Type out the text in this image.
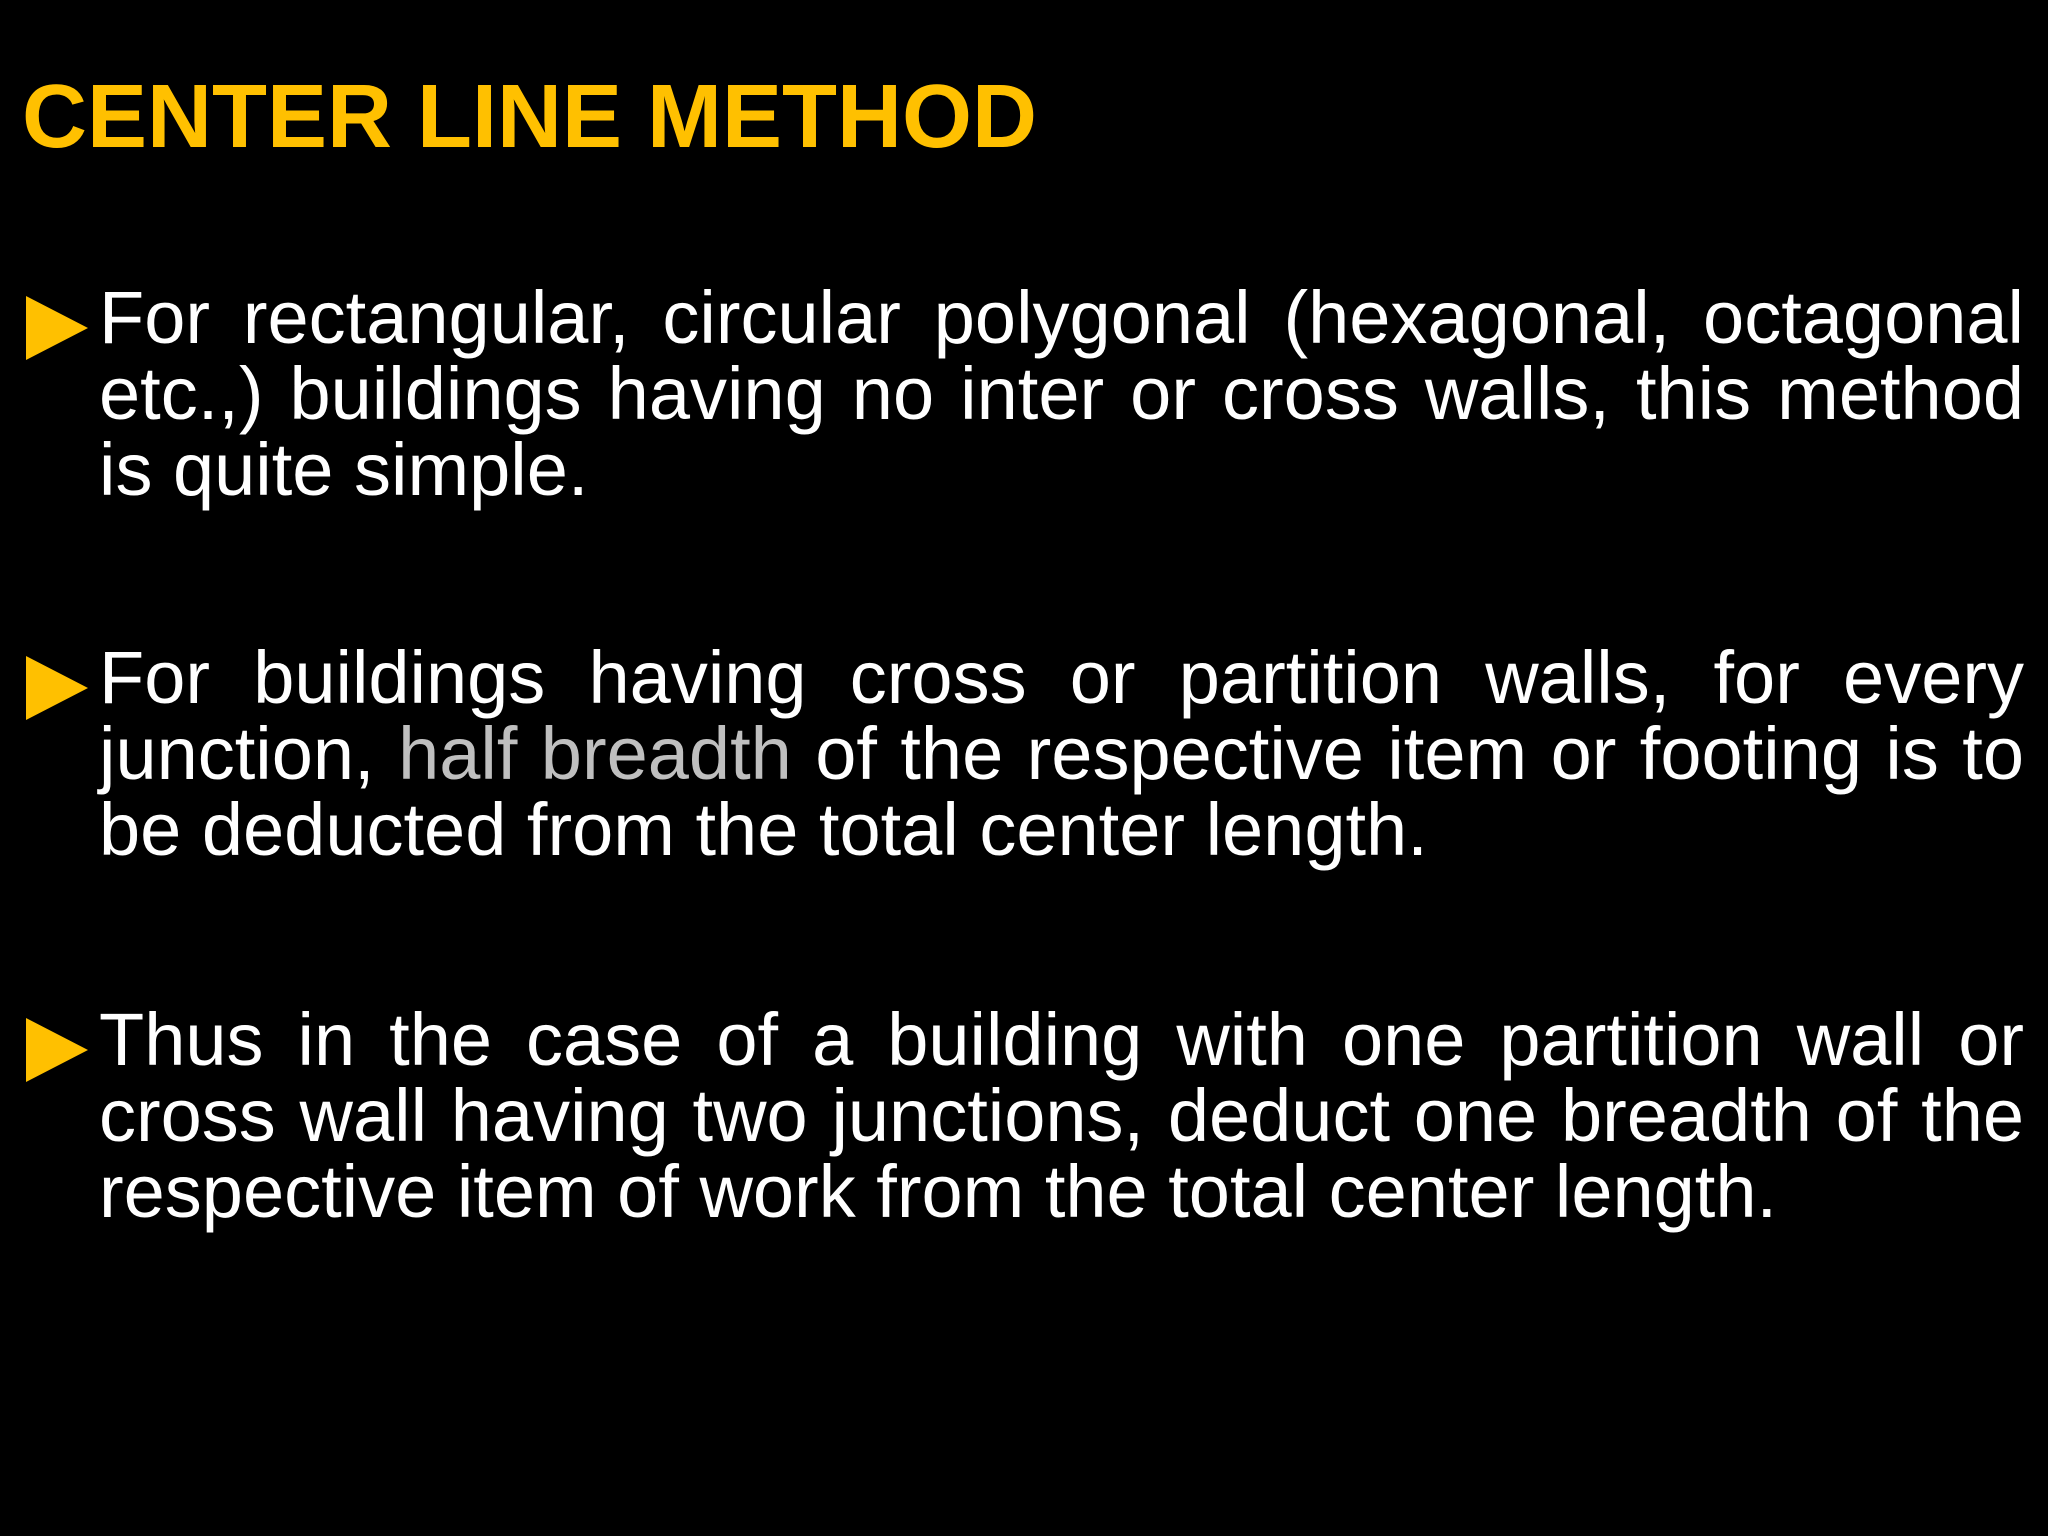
CENTER LINE METHOD
For rectangular, circular polygonal (hexagonal, octagonal etc.,) buildings having no inter or cross walls, this method is quite simple.
For buildings having cross or partition walls, for every junction, half breadth of the respective item or footing is to be deducted from the total center length.
Thus in the case of a building with one partition wall or cross wall having two junctions, deduct one breadth of the respective item of work from the total center length.
